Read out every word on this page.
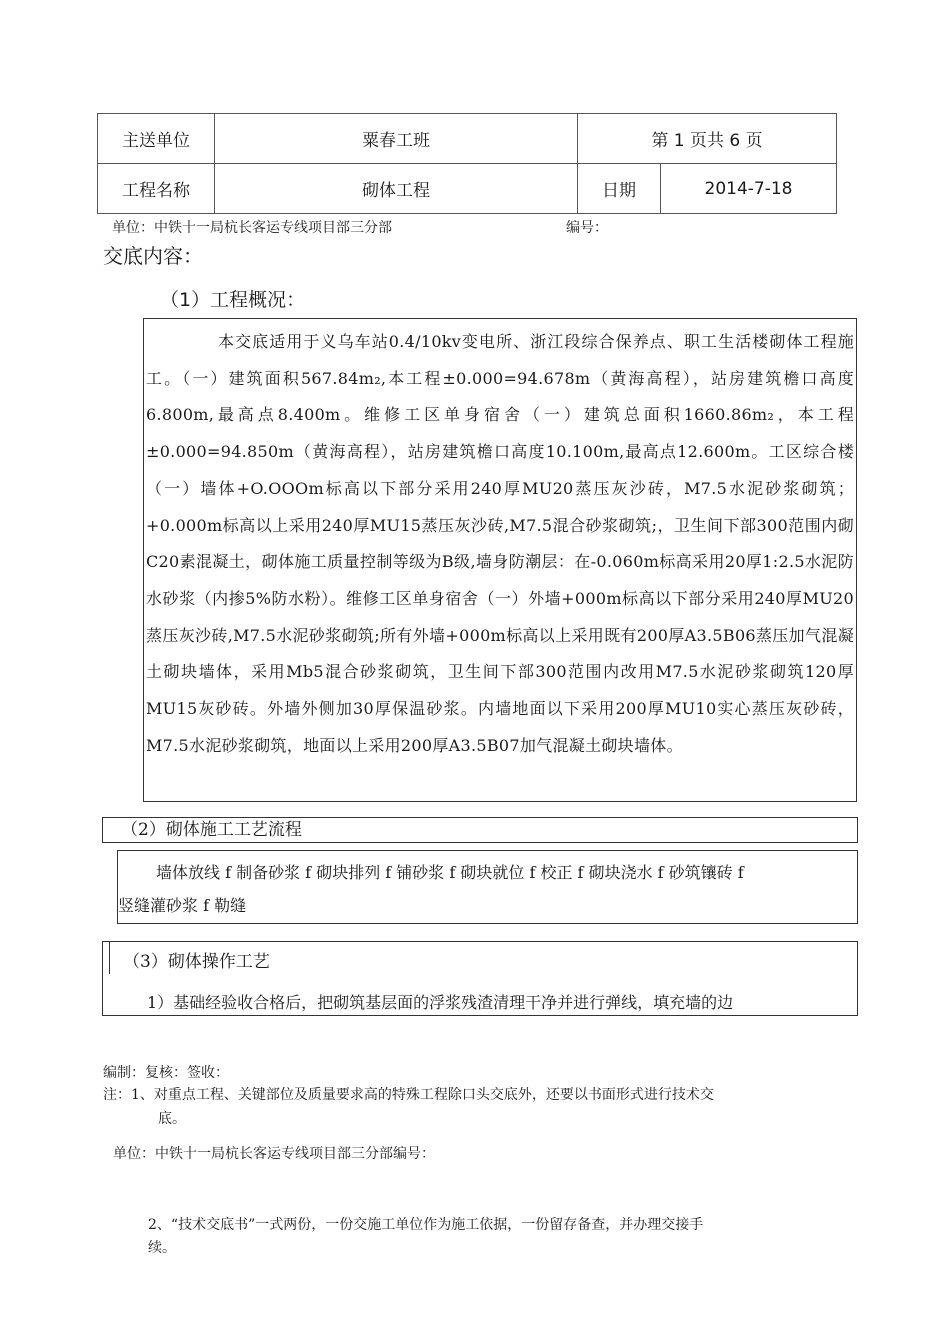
主送单位	粟春工班	第 1 页共 6 页	
工程名称	砌体工程	日期	2014-7-18
单位：中铁十一局杭长客运专线项目部三分部	编号：
交底内容：
（1）工程概况：
本交底适用于义乌车站0.4/10kv变电所、浙江段综合保养点、职工生活楼砌体工程施工。（一）建筑面积567.84m₂,本工程±0.000=94.678m（黄海高程），站房建筑檐口高度6.800m,最高点8.400m。维修工区单身宿舍（一）建筑总面积1660.86m₂，本工程±0.000=94.850m（黄海高程），站房建筑檐口高度10.100m,最高点12.600m。工区综合楼（一）墙体+O.OOOm标高以下部分采用240厚MU20蒸压灰沙砖，M7.5水泥砂浆砌筑；+0.000m标高以上采用240厚MU15蒸压灰沙砖,M7.5混合砂浆砌筑;，卫生间下部300范围内砌C20素混凝土，砌体施工质量控制等级为B级,墙身防潮层：在-0.060m标高采用20厚1:2.5水泥防水砂浆（内掺5%防水粉）。维修工区单身宿舍（一）外墙+000m标高以下部分采用240厚MU20蒸压灰沙砖,M7.5水泥砂浆砌筑;所有外墙+000m标高以上采用既有200厚A3.5B06蒸压加气混凝土砌块墙体，采用Mb5混合砂浆砌筑，卫生间下部300范围内改用M7.5水泥砂浆砌筑120厚MU15灰砂砖。外墙外侧加30厚保温砂浆。内墙地面以下采用200厚MU10实心蒸压灰砂砖，M7.5水泥砂浆砌筑，地面以上采用200厚A3.5B07加气混凝土砌块墙体。
（2）砌体施工工艺流程
墙体放线 f 制备砂浆 f 砌块排列 f 铺砂浆 f 砌块就位 f 校正 f 砌块浇水 f 砂筑镶砖 f
竖缝灌砂浆 f 勒缝
（3）砌体操作工艺
1）基础经验收合格后，把砌筑基层面的浮浆残渣清理干净并进行弹线，填充墙的边
编制：复核：签收：
注：1、对重点工程、关键部位及质量要求高的特殊工程除口头交底外，还要以书面形式进行技术交
底。
单位：中铁十一局杭长客运专线项目部三分部编号：
2、“技术交底书”一式两份，一份交施工单位作为施工依据，一份留存备查，并办理交接手
续。
